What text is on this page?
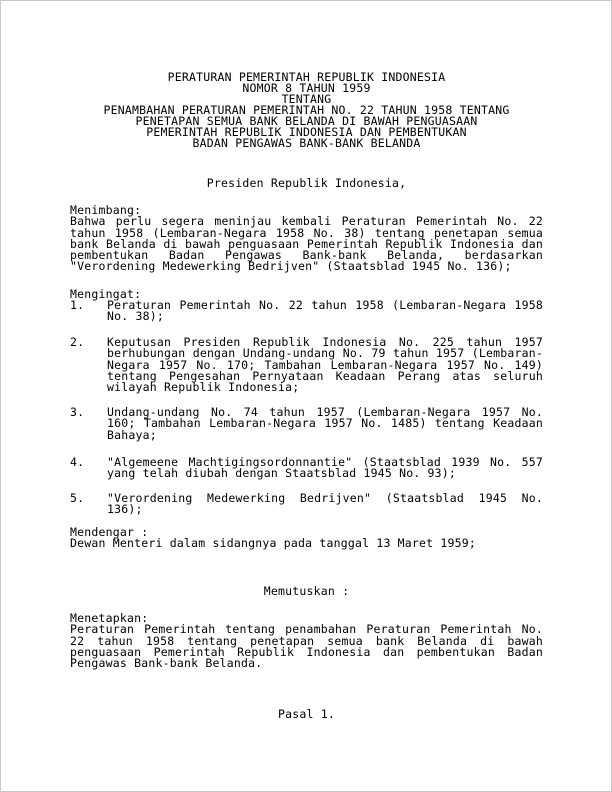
PERATURAN PEMERINTAH REPUBLIK INDONESIA
NOMOR 8 TAHUN 1959
TENTANG
PENAMBAHAN PERATURAN PEMERINTAH NO. 22 TAHUN 1958 TENTANG
PENETAPAN SEMUA BANK BELANDA DI BAWAH PENGUASAAN
PEMERINTAH REPUBLIK INDONESIA DAN PEMBENTUKAN
BADAN PENGAWAS BANK-BANK BELANDA
Presiden Republik Indonesia,
Menimbang:
Bahwa perlu segera meninjau kembali Peraturan Pemerintah No. 22
tahun 1958 (Lembaran-Negara 1958 No. 38) tentang penetapan semua
bank Belanda di bawah penguasaan Pemerintah Republik Indonesia dan
pembentukan Badan Pengawas Bank-bank Belanda, berdasarkan
"Verordening Medewerking Bedrijven" (Staatsblad 1945 No. 136);
Mengingat:
1.	Peraturan Pemerintah No. 22 tahun 1958 (Lembaran-Negara 1958
No. 38);
2.	Keputusan Presiden Republik Indonesia No. 225 tahun 1957
berhubungan dengan Undang-undang No. 79 tahun 1957 (Lembaran-
Negara 1957 No. 170; Tambahan Lembaran-Negara 1957 No. 149)
tentang Pengesahan Pernyataan Keadaan Perang atas seluruh
wilayah Republik Indonesia;
3.	Undang-undang No. 74 tahun 1957 (Lembaran-Negara 1957 No.
160; Tambahan Lembaran-Negara 1957 No. 1485) tentang Keadaan
Bahaya;
4.	"Algemeene Machtigingsordonnantie" (Staatsblad 1939 No. 557
yang telah diubah dengan Staatsblad 1945 No. 93);
5.	"Verordening Medewerking Bedrijven" (Staatsblad 1945 No.
136);
Mendengar :
Dewan Menteri dalam sidangnya pada tanggal 13 Maret 1959;
Memutuskan :
Menetapkan:
Peraturan Pemerintah tentang penambahan Peraturan Pemerintah No.
22 tahun 1958 tentang penetapan semua bank Belanda di bawah
penguasaan Pemerintah Republik Indonesia dan pembentukan Badan
Pengawas Bank-bank Belanda.
Pasal 1.
